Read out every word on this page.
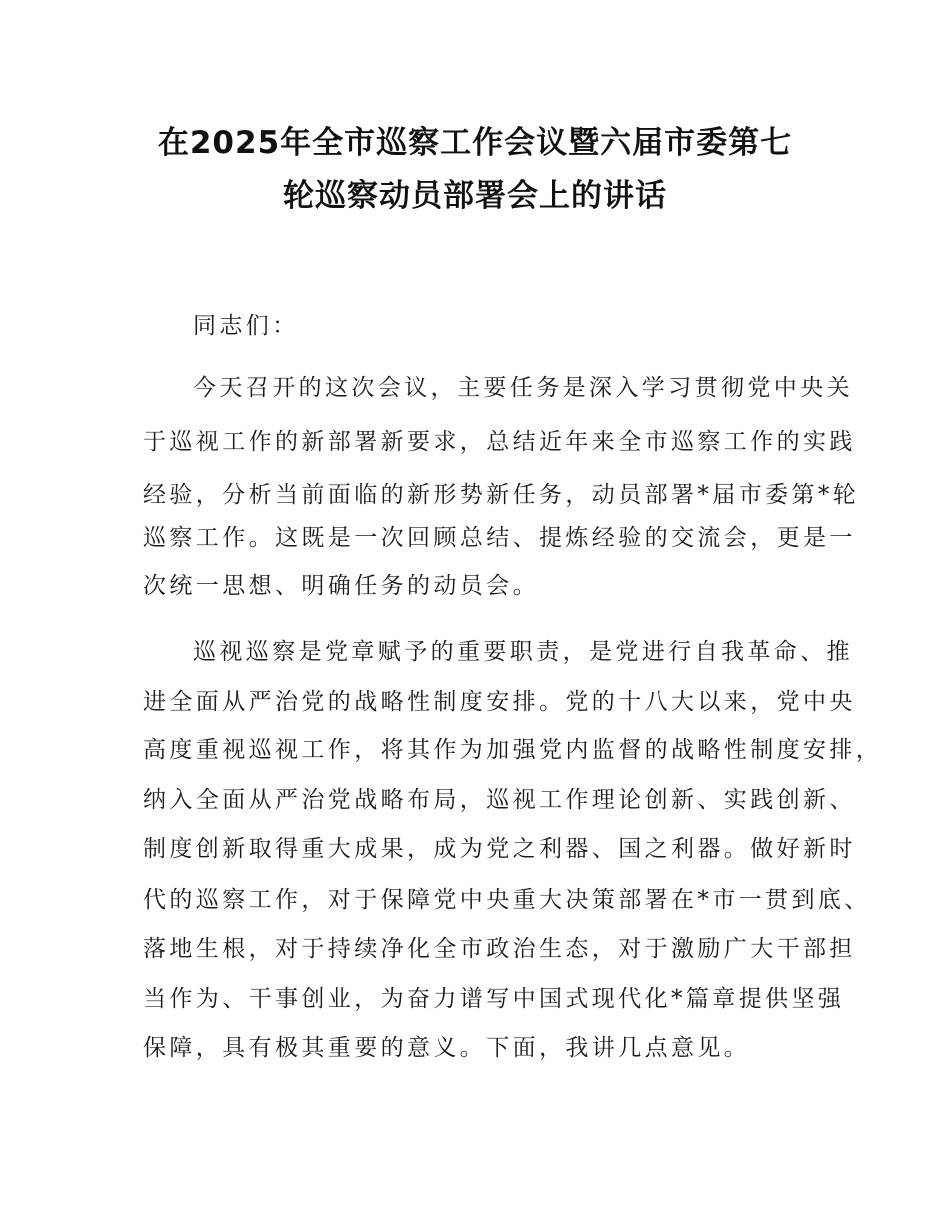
在2025年全市巡察工作会议暨六届市委第七
轮巡察动员部署会上的讲话
同志们：
今天召开的这次会议，主要任务是深入学习贯彻党中央关
于巡视工作的新部署新要求，总结近年来全市巡察工作的实践
经验，分析当前面临的新形势新任务，动员部署*届市委第*轮
巡察工作。这既是一次回顾总结、提炼经验的交流会，更是一
次统一思想、明确任务的动员会。
巡视巡察是党章赋予的重要职责，是党进行自我革命、推
进全面从严治党的战略性制度安排。党的十八大以来，党中央
高度重视巡视工作，将其作为加强党内监督的战略性制度安排，
纳入全面从严治党战略布局，巡视工作理论创新、实践创新、
制度创新取得重大成果，成为党之利器、国之利器。做好新时
代的巡察工作，对于保障党中央重大决策部署在*市一贯到底、
落地生根，对于持续净化全市政治生态，对于激励广大干部担
当作为、干事创业，为奋力谱写中国式现代化*篇章提供坚强
保障，具有极其重要的意义。下面，我讲几点意见。
